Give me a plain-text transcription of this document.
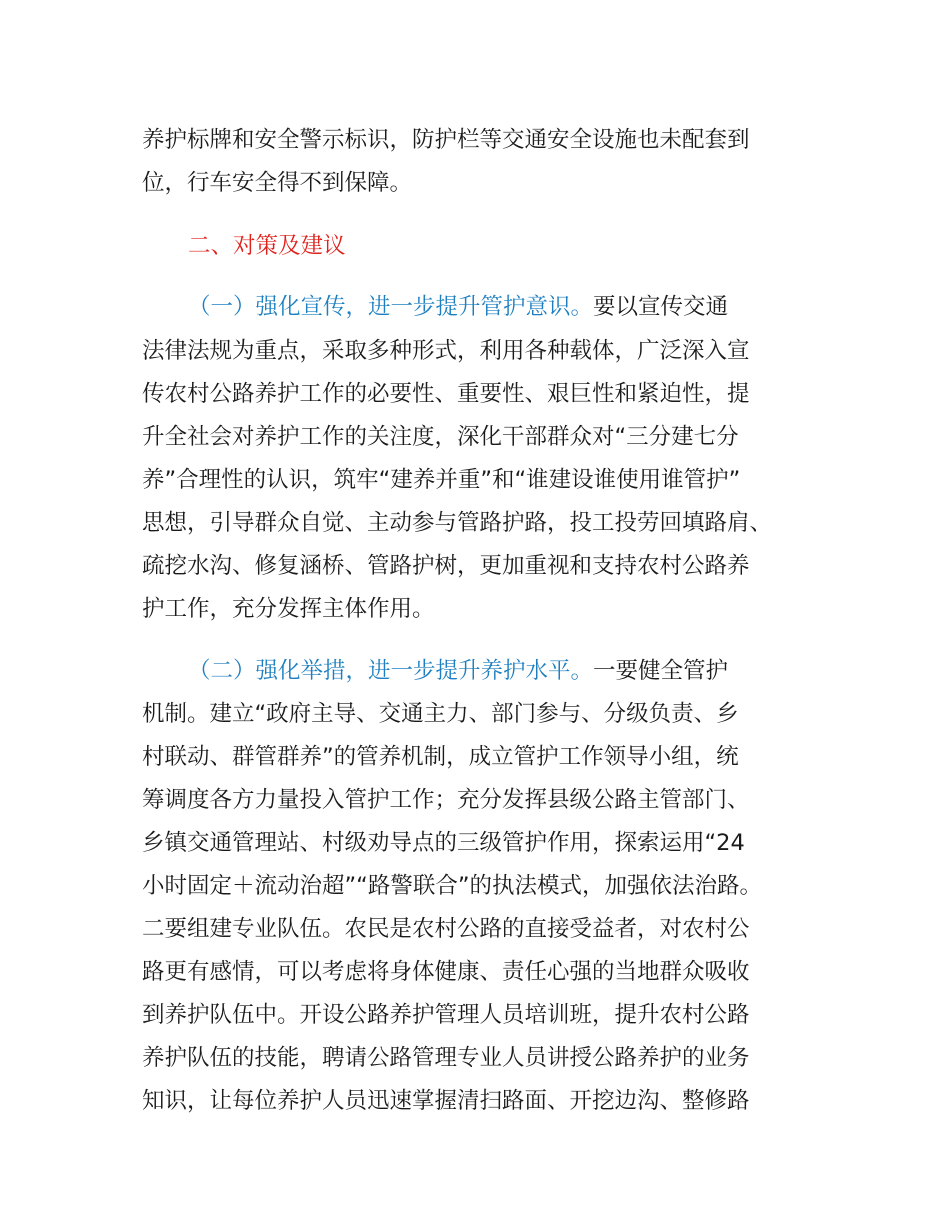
养护标牌和安全警示标识，防护栏等交通安全设施也未配套到
位，行车安全得不到保障。
二、对策及建议
（一）强化宣传，进一步提升管护意识。要以宣传交通
法律法规为重点，采取多种形式，利用各种载体，广泛深入宣
传农村公路养护工作的必要性、重要性、艰巨性和紧迫性，提
升全社会对养护工作的关注度，深化干部群众对“三分建七分
养”合理性的认识，筑牢“建养并重”和“谁建设谁使用谁管护”
思想，引导群众自觉、主动参与管路护路，投工投劳回填路肩、
疏挖水沟、修复涵桥、管路护树，更加重视和支持农村公路养
护工作，充分发挥主体作用。
（二）强化举措，进一步提升养护水平。一要健全管护
机制。建立“政府主导、交通主力、部门参与、分级负责、乡
村联动、群管群养”的管养机制，成立管护工作领导小组，统
筹调度各方力量投入管护工作；充分发挥县级公路主管部门、
乡镇交通管理站、村级劝导点的三级管护作用，探索运用“24
小时固定＋流动治超”“路警联合”的执法模式，加强依法治路。
二要组建专业队伍。农民是农村公路的直接受益者，对农村公
路更有感情，可以考虑将身体健康、责任心强的当地群众吸收
到养护队伍中。开设公路养护管理人员培训班，提升农村公路
养护队伍的技能，聘请公路管理专业人员讲授公路养护的业务
知识，让每位养护人员迅速掌握清扫路面、开挖边沟、整修路
